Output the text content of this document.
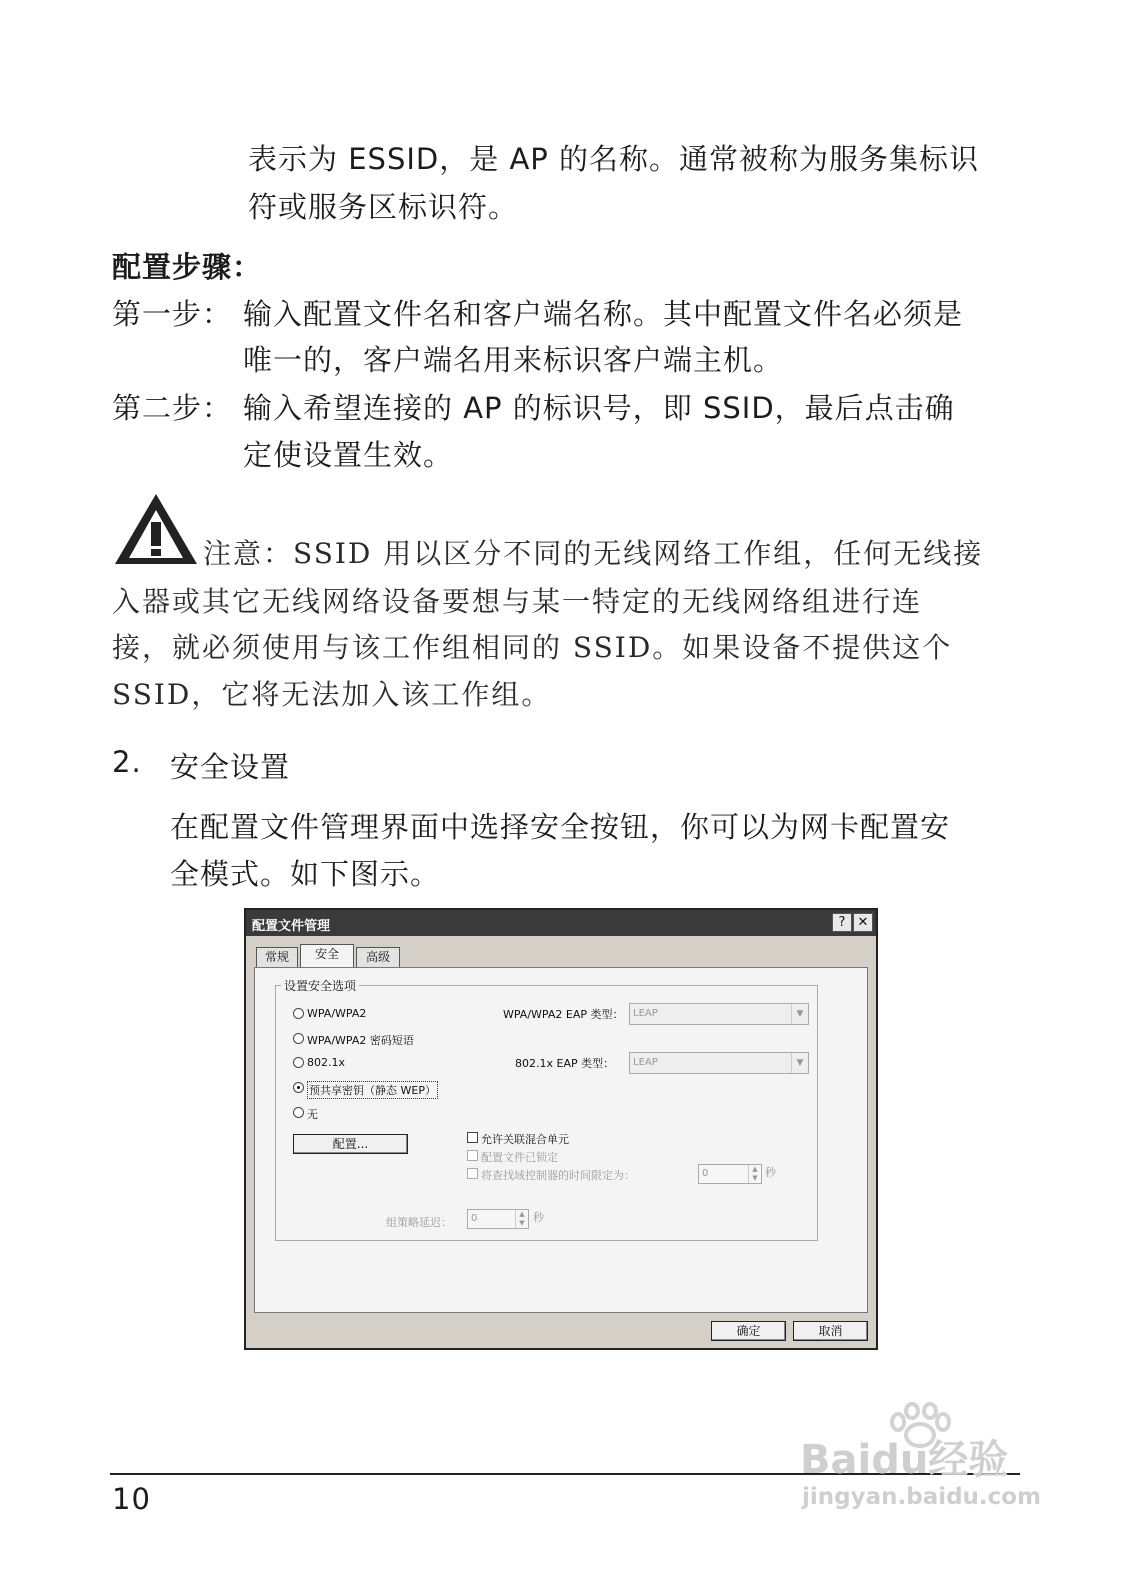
表示为 ESSID，是 AP 的名称。通常被称为服务集标识
符或服务区标识符。
配置步骤：
第一步： 输入配置文件名和客户端名称。其中配置文件名必须是
唯一的，客户端名用来标识客户端主机。
第二步： 输入希望连接的 AP 的标识号，即 SSID，最后点击确
定使设置生效。
注意：SSID 用以区分不同的无线网络工作组，任何无线接
入器或其它无线网络设备要想与某一特定的无线网络组进行连
接，就必须使用与该工作组相同的 SSID。如果设备不提供这个
SSID，它将无法加入该工作组。
2. 安全设置
在配置文件管理界面中选择安全按钮，你可以为网卡配置安
全模式。如下图示。
配置文件管理	? ✕
常规	安全	高级
设置安全选项
WPA/WPA2
WPA/WPA2 密码短语
802.1x
预共享密钥（静态 WEP）
无
WPA/WPA2 EAP 类型： LEAP	▼
802.1x EAP 类型：	LEAP	▼
配置...	允许关联混合单元
配置文件已锁定
将查找域控制器的时间限定为：	0	▲
▼ 秒
组策略延迟：	0	▲
▼ 秒
确定	取消
10
Baidu经验
jingyan.baidu.com
